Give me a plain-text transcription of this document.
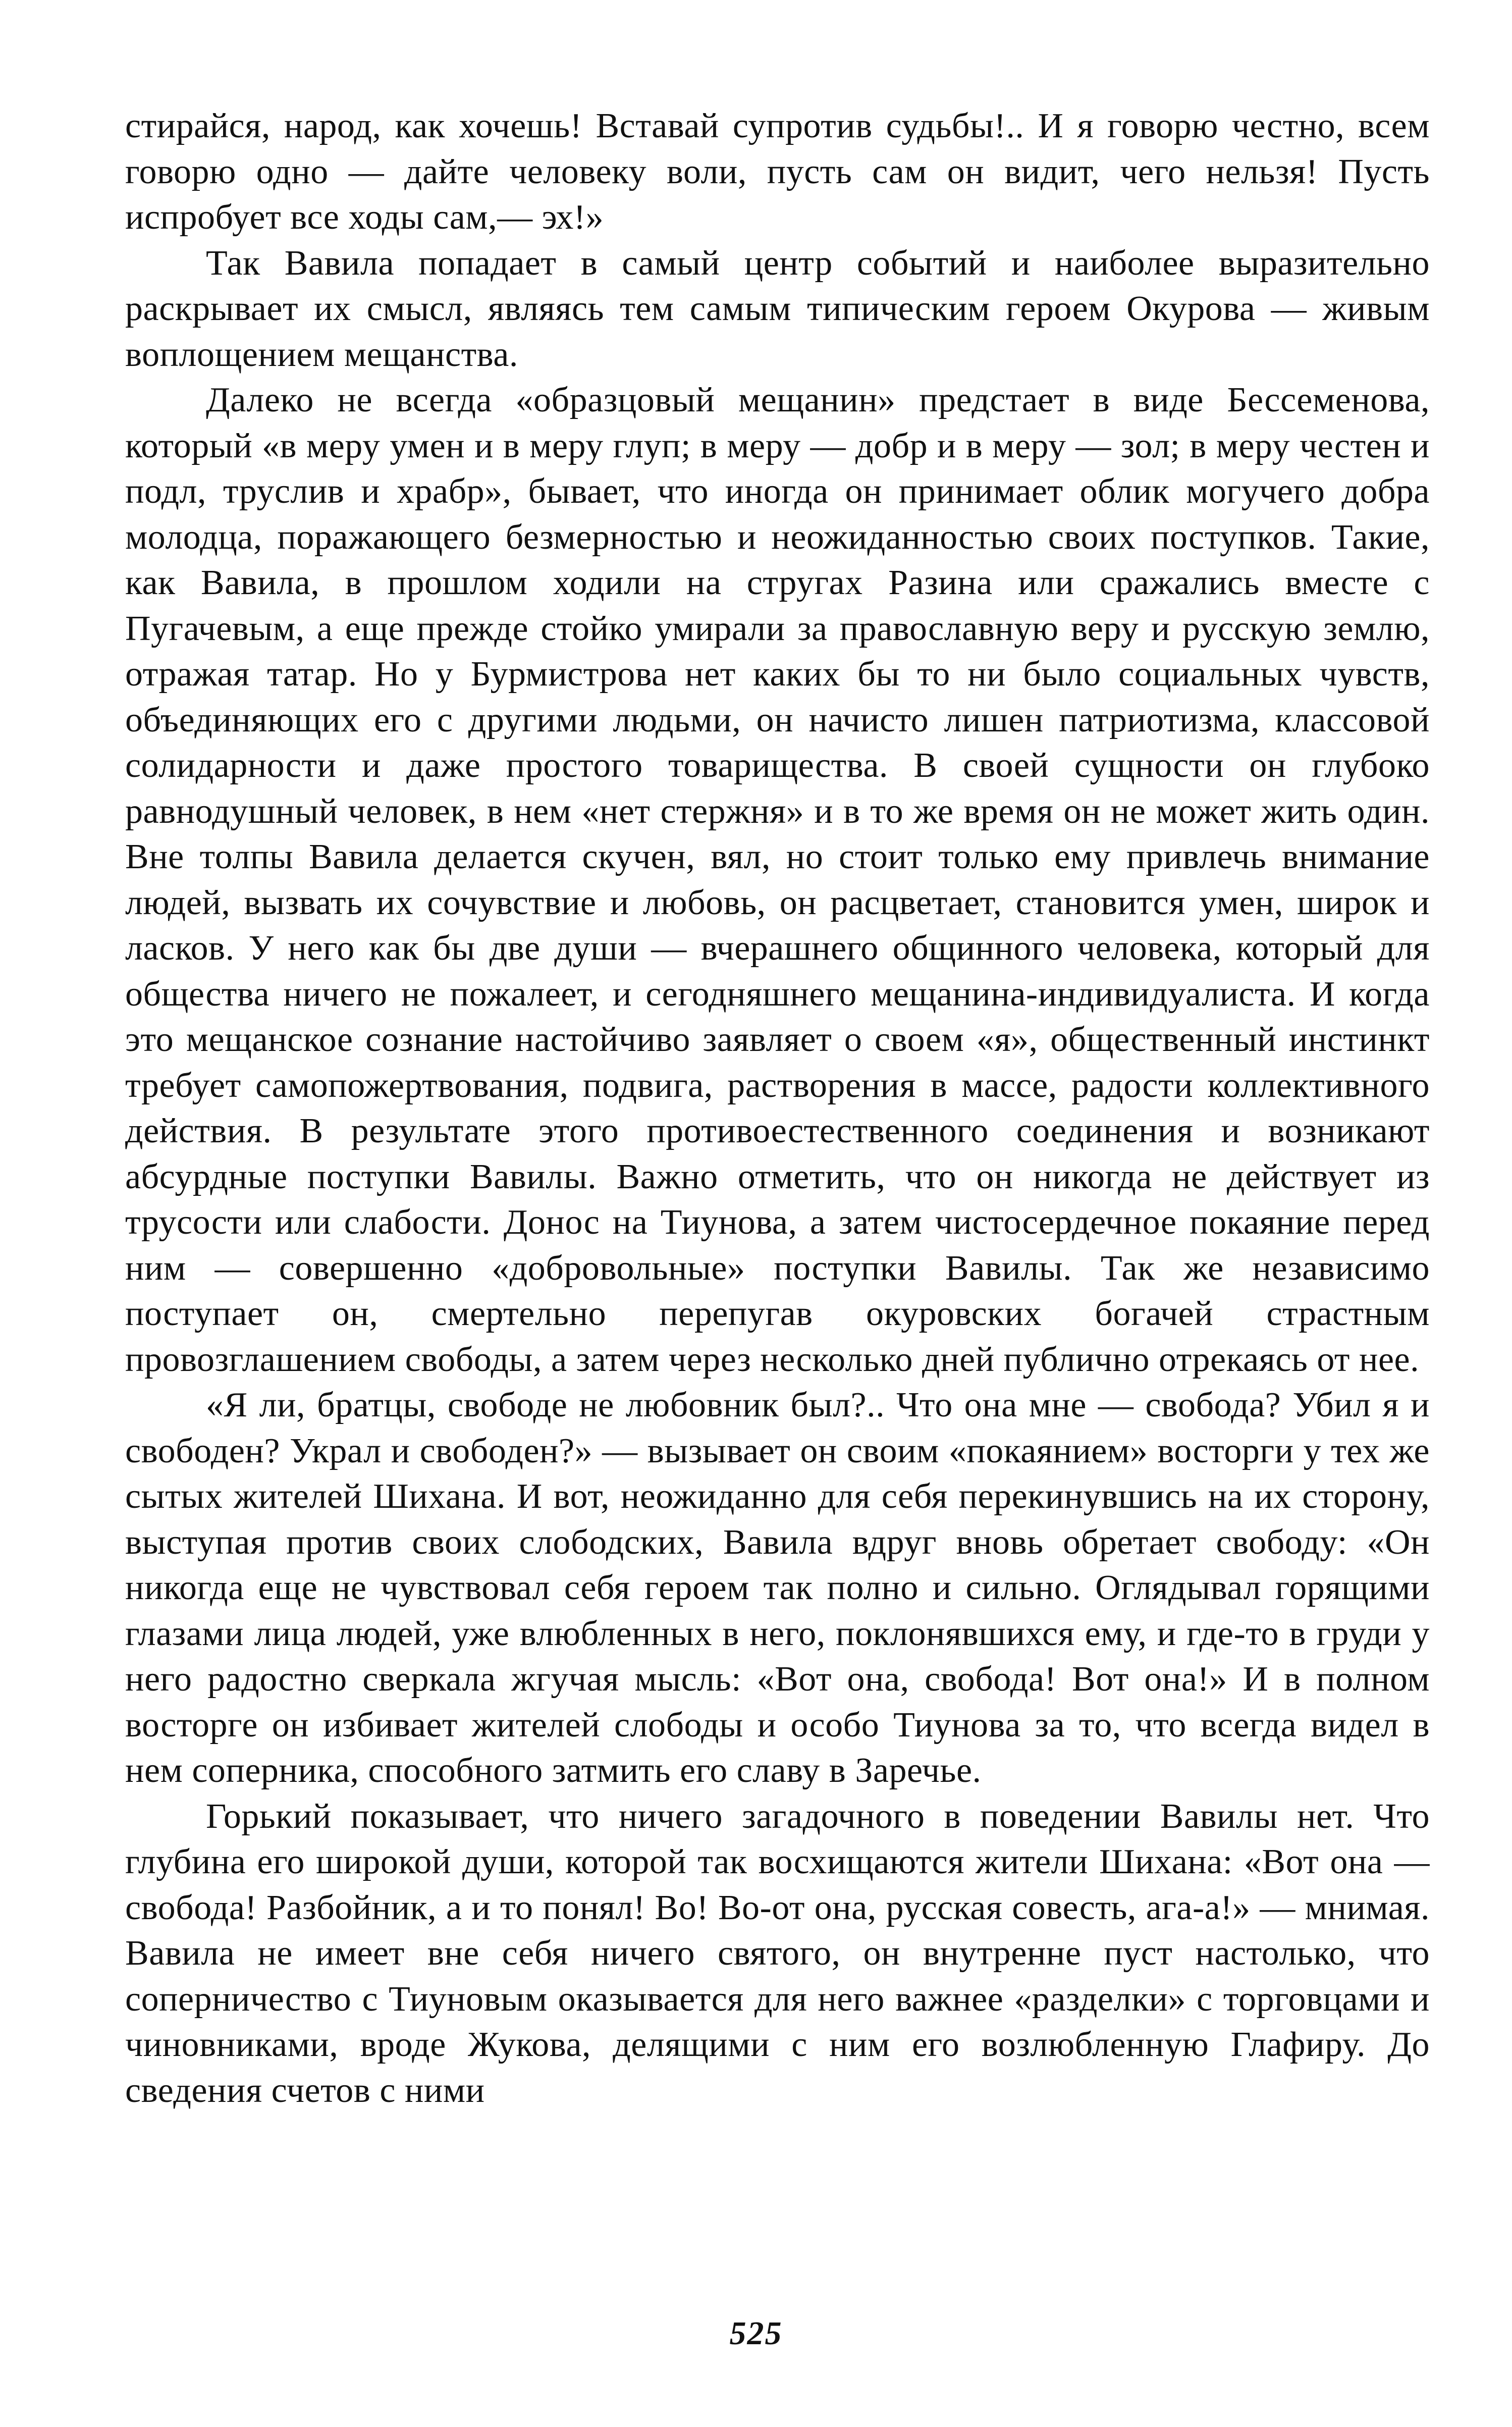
стирайся, народ, как хочешь! Вставай супротив судьбы!.. И я говорю честно, всем говорю одно — дайте человеку воли, пусть сам он видит, чего нельзя! Пусть испробует все ходы сам,— эх!»

Так Вавила попадает в самый центр событий и наиболее выразительно раскрывает их смысл, являясь тем самым типическим героем Окурова — живым воплощением мещанства.

Далеко не всегда «образцовый мещанин» предстает в виде Бессеменова, который «в меру умен и в меру глуп; в меру — добр и в меру — зол; в меру честен и подл, труслив и храбр», бывает, что иногда он принимает облик могучего добра молодца, поражающего безмерностью и неожиданностью своих поступков. Такие, как Вавила, в прошлом ходили на стругах Разина или сражались вместе с Пугачевым, а еще прежде стойко умирали за православную веру и русскую землю, отражая татар. Но у Бурмистрова нет каких бы то ни было социальных чувств, объединяющих его с другими людьми, он начисто лишен патриотизма, классовой солидарности и даже простого товарищества. В своей сущности он глубоко равнодушный человек, в нем «нет стержня» и в то же время он не может жить один. Вне толпы Вавила делается скучен, вял, но стоит только ему привлечь внимание людей, вызвать их сочувствие и любовь, он расцветает, становится умен, широк и ласков. У него как бы две души — вчерашнего общинного человека, который для общества ничего не пожалеет, и сегодняшнего мещанина-индивидуалиста. И когда это мещанское сознание настойчиво заявляет о своем «я», общественный инстинкт требует самопожертвования, подвига, растворения в массе, радости коллективного действия. В результате этого противоестественного соединения и возникают абсурдные поступки Вавилы. Важно отметить, что он никогда не действует из трусости или слабости. Донос на Тиунова, а затем чистосердечное покаяние перед ним — совершенно «добровольные» поступки Вавилы. Так же независимо поступает он, смертельно перепугав окуровских богачей страстным провозглашением свободы, а затем через несколько дней публично отрекаясь от нее.

«Я ли, братцы, свободе не любовник был?.. Что она мне — свобода? Убил я и свободен? Украл и свободен?» — вызывает он своим «покаянием» восторги у тех же сытых жителей Шихана. И вот, неожиданно для себя перекинувшись на их сторону, выступая против своих слободских, Вавила вдруг вновь обретает свободу: «Он никогда еще не чувствовал себя героем так полно и сильно. Оглядывал горящими глазами лица людей, уже влюбленных в него, поклонявшихся ему, и где-то в груди у него радостно сверкала жгучая мысль: «Вот она, свобода! Вот она!» И в полном восторге он избивает жителей слободы и особо Тиунова за то, что всегда видел в нем соперника, способного затмить его славу в Заречье.

Горький показывает, что ничего загадочного в поведении Вавилы нет. Что глубина его широкой души, которой так восхищаются жители Шихана: «Вот она — свобода! Разбойник, а и то понял! Во! Во-от она, русская совесть, ага-а!» — мнимая. Вавила не имеет вне себя ничего святого, он внутренне пуст настолько, что соперничество с Тиуновым оказывается для него важнее «разделки» с торговцами и чиновниками, вроде Жукова, делящими с ним его возлюбленную Глафиру. До сведения счетов с ними

525
